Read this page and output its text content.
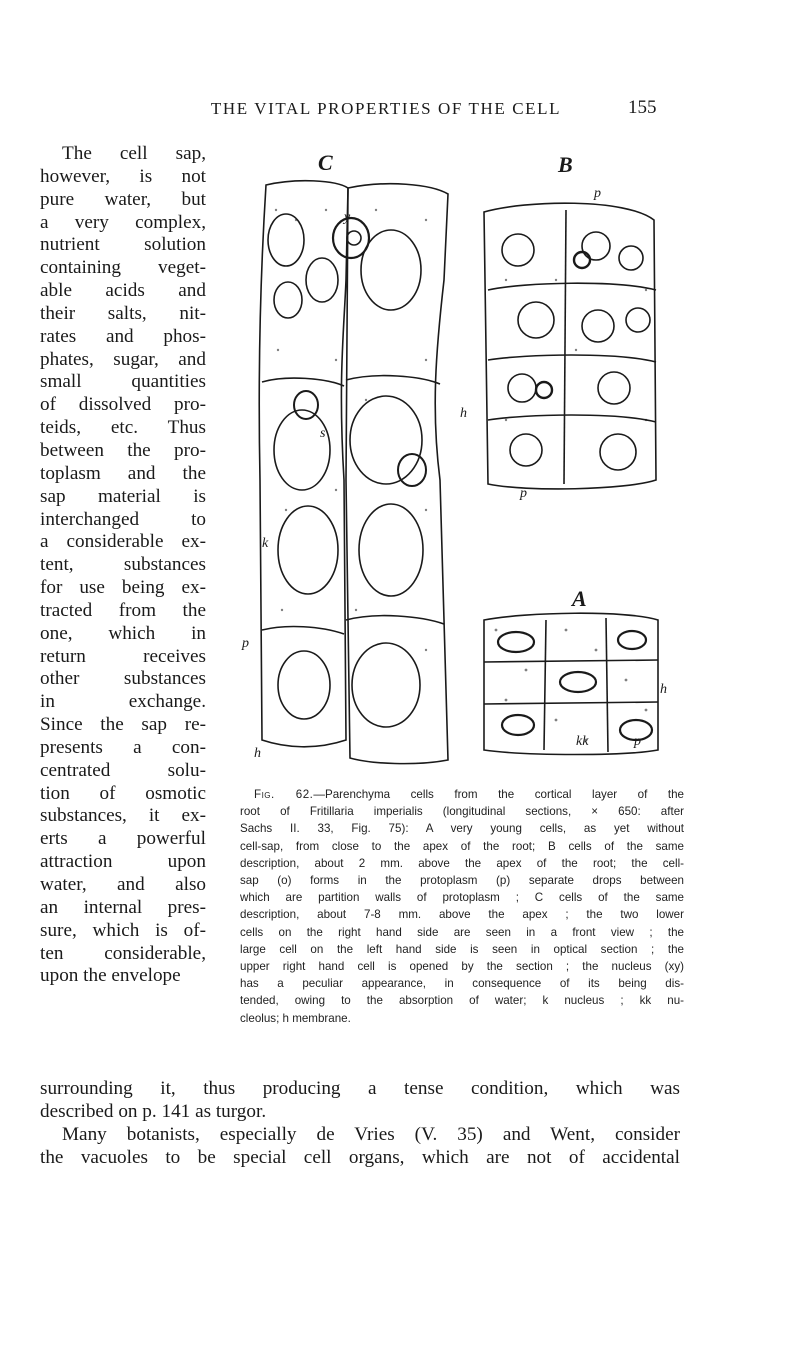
THE VITAL PROPERTIES OF THE CELL	155
The cell sap,
however, is not
pure water, but
a very complex,
nutrient solution
containing veget-
able acids and
their salts, nit-
rates and phos-
phates, sugar, and
small quantities
of dissolved pro-
teids, etc. Thus
between the pro-
toplasm and the
sap material is
interchanged to
a considerable ex-
tent, substances
for use being ex-
tracted from the
one, which in
return receives
other substances
in exchange.
Since the sap re-
presents a con-
centrated solu-
tion of osmotic
substances, it ex-
erts a powerful
attraction upon
water, and also
an internal pres-
sure, which is of-
ten considerable,
upon the envelope
C	B
A
y
s
k
p
h
h
p
p
h
kk	p
Fig. 62.—Parenchyma cells from the cortical layer of the
root of Fritillaria imperialis (longitudinal sections, × 650: after
Sachs II. 33, Fig. 75): A very young cells, as yet without
cell-sap, from close to the apex of the root; B cells of the same
description, about 2 mm. above the apex of the root; the cell-
sap (o) forms in the protoplasm (p) separate drops between
which are partition walls of protoplasm ; C cells of the same
description, about 7-8 mm. above the apex ; the two lower
cells on the right hand side are seen in a front view ; the
large cell on the left hand side is seen in optical section ; the
upper right hand cell is opened by the section ; the nucleus (xy)
has a peculiar appearance, in consequence of its being dis-
tended, owing to the absorption of water; k nucleus ; kk nu-
cleolus; h membrane.
surrounding it, thus producing a tense condition, which was
described on p. 141 as turgor.
Many botanists, especially de Vries (V. 35) and Went, consider
the vacuoles to be special cell organs, which are not of accidental
